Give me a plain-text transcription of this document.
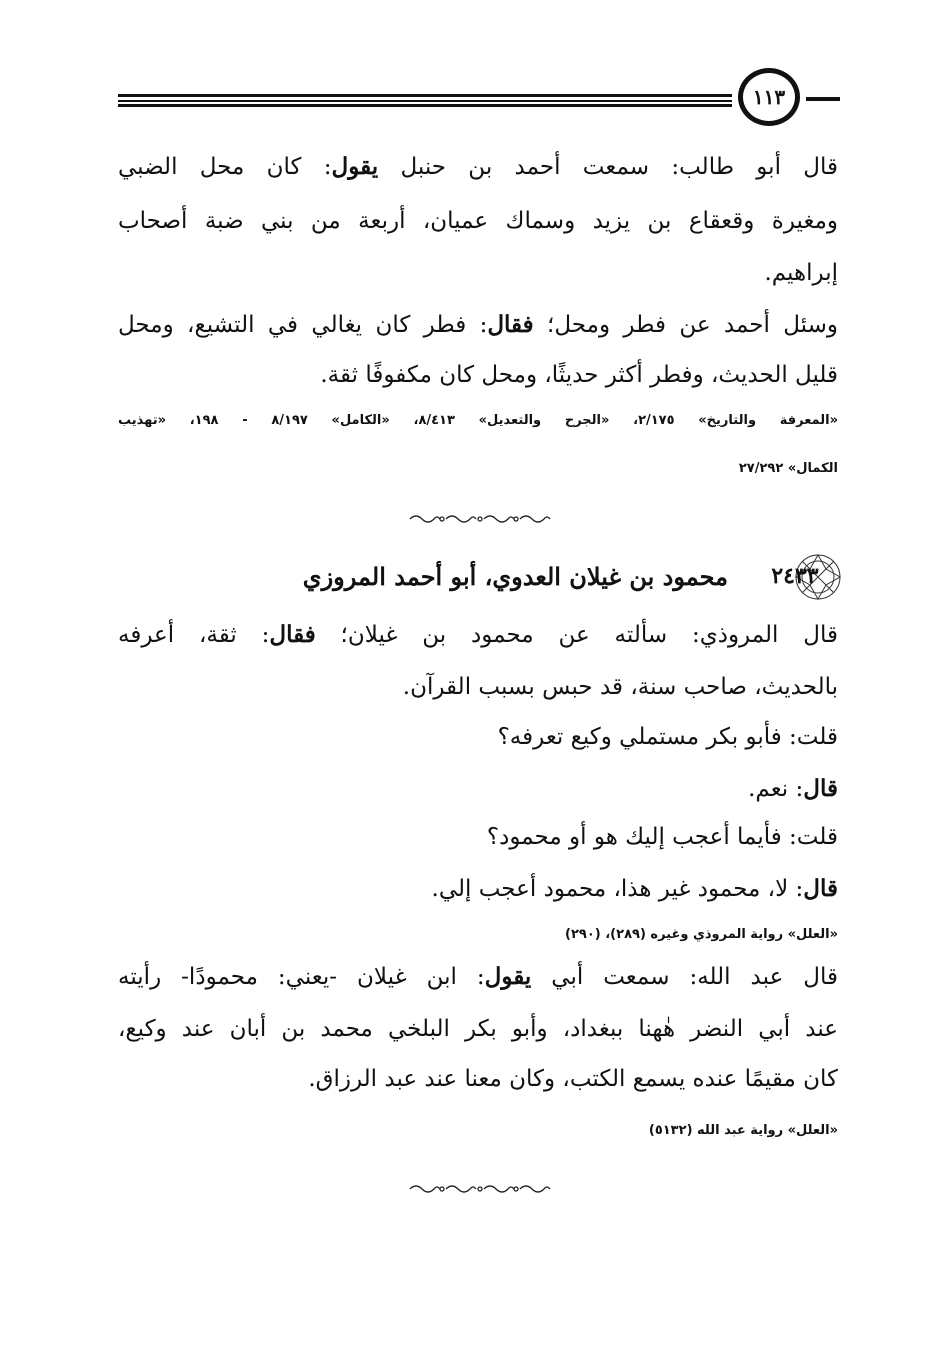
١١٣
قال أبو طالب: سمعت أحمد بن حنبل يقول: كان محل الضبي
ومغيرة وقعقاع بن يزيد وسماك عميان، أربعة من بني ضبة أصحاب
إبراهيم.
وسئل أحمد عن فطر ومحل؛ فقال: فطر كان يغالي في التشيع، ومحل
قليل الحديث، وفطر أكثر حديثًا، ومحل كان مكفوفًا ثقة.
«المعرفة والتاريخ» ٢/١٧٥، «الجرح والتعديل» ٨/٤١٣، «الكامل» ٨/١٩٧ - ١٩٨، «تهذيب
الكمال» ٢٧/٢٩٢
٢٤٣٣
محمود بن غيلان العدوي، أبو أحمد المروزي
قال المروذي: سألته عن محمود بن غيلان؛ فقال: ثقة، أعرفه
بالحديث، صاحب سنة، قد حبس بسبب القرآن.
قلت: فأبو بكر مستملي وكيع تعرفه؟
قال: نعم.
قلت: فأيما أعجب إليك هو أو محمود؟
قال: لا، محمود غير هذا، محمود أعجب إلي.
«العلل» رواية المروذي وغيره (٢٨٩)، (٢٩٠)
قال عبد الله: سمعت أبي يقول: ابن غيلان -يعني: محمودًا- رأيته
عند أبي النضر هٰهنا ببغداد، وأبو بكر البلخي محمد بن أبان عند وكيع،
كان مقيمًا عنده يسمع الكتب، وكان معنا عند عبد الرزاق.
«العلل» رواية عبد الله (٥١٣٢)
